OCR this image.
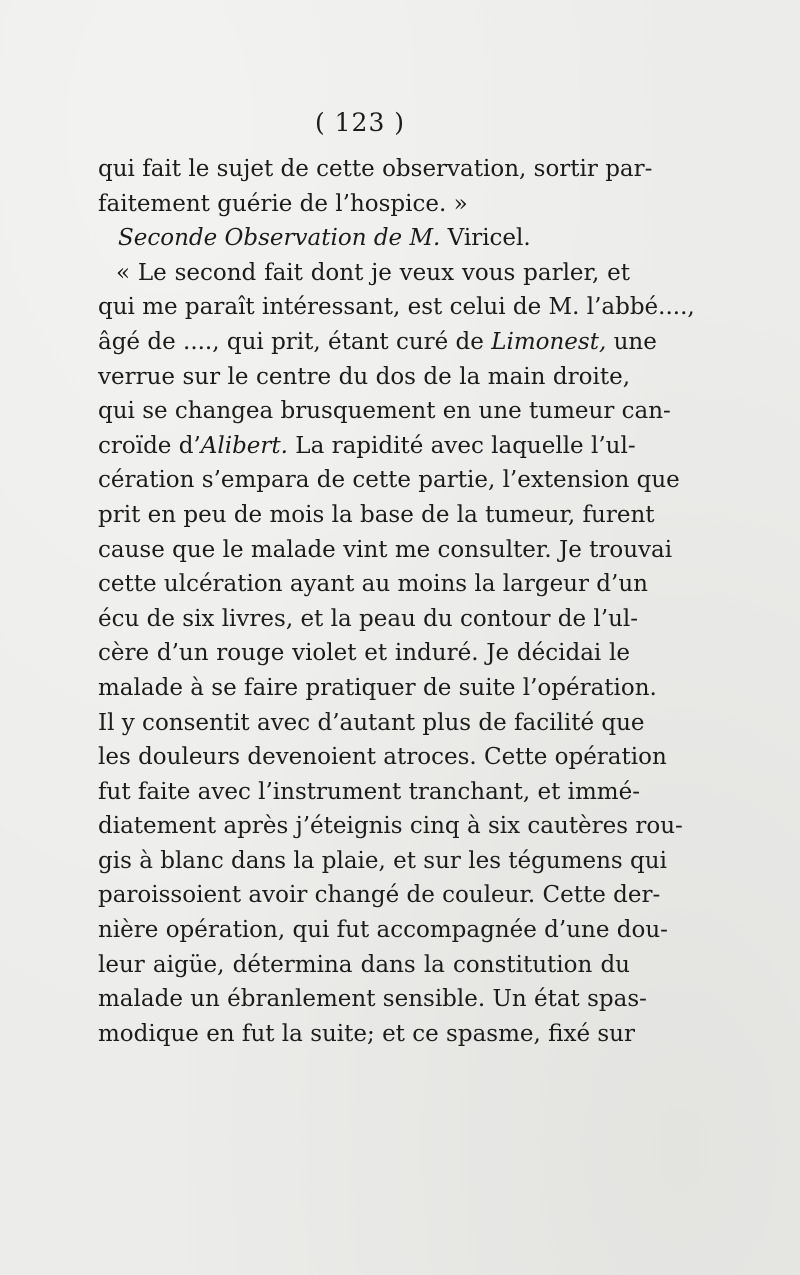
( 123 )
qui fait le sujet de cette observation, sortir par-
faitement guérie de l’hospice. »
Seconde Observation de M. Viricel.
« Le second fait dont je veux vous parler, et
qui me paraît intéressant, est celui de M. l’abbé....,
âgé de ...., qui prit, étant curé de Limonest, une
verrue sur le centre du dos de la main droite,
qui se changea brusquement en une tumeur can-
croïde d’Alibert. La rapidité avec laquelle l’ul-
cération s’empara de cette partie, l’extension que
prit en peu de mois la base de la tumeur, furent
cause que le malade vint me consulter. Je trouvai
cette ulcération ayant au moins la largeur d’un
écu de six livres, et la peau du contour de l’ul-
cère d’un rouge violet et induré. Je décidai le
malade à se faire pratiquer de suite l’opération.
Il y consentit avec d’autant plus de facilité que
les douleurs devenoient atroces. Cette opération
fut faite avec l’instrument tranchant, et immé-
diatement après j’éteignis cinq à six cautères rou-
gis à blanc dans la plaie, et sur les tégumens qui
paroissoient avoir changé de couleur. Cette der-
nière opération, qui fut accompagnée d’une dou-
leur aigüe, détermina dans la constitution du
malade un ébranlement sensible. Un état spas-
modique en fut la suite; et ce spasme, fixé sur
